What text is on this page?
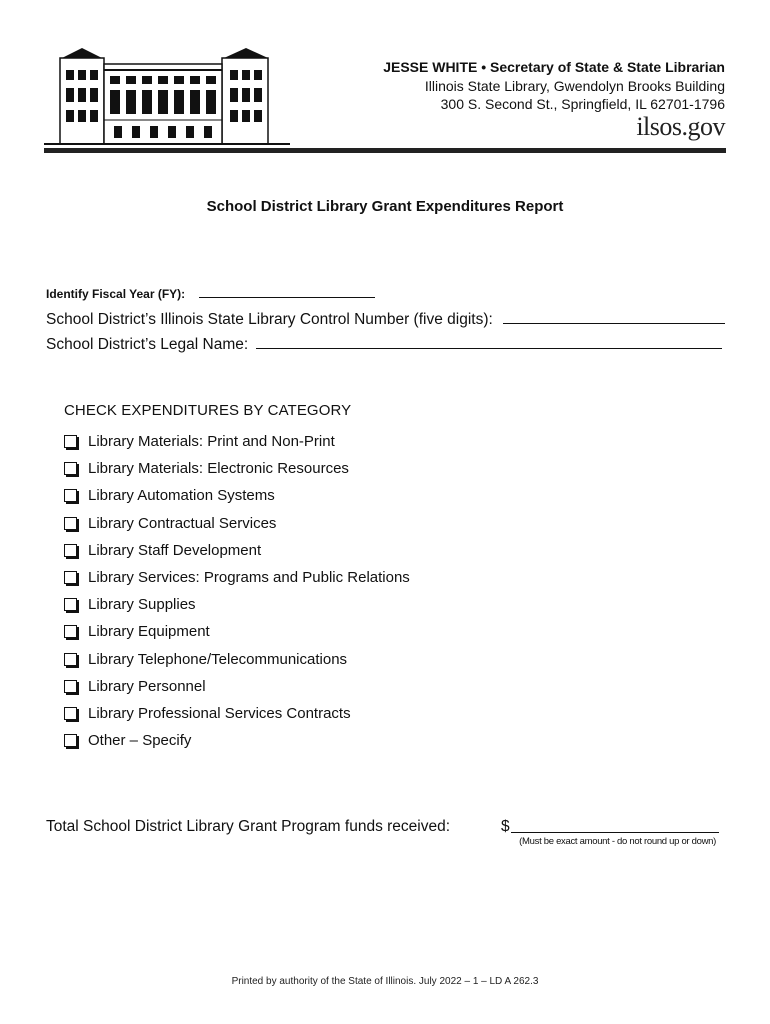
JESSE WHITE • Secretary of State & State Librarian
Illinois State Library, Gwendolyn Brooks Building
300 S. Second St., Springfield, IL 62701-1796
ilsos.gov
School District Library Grant Expenditures Report
Identify Fiscal Year (FY):
School District’s Illinois State Library Control Number (five digits):
School District’s Legal Name:
CHECK EXPENDITURES BY CATEGORY
Library Materials: Print and Non-Print
Library Materials: Electronic Resources
Library Automation Systems
Library Contractual Services
Library Staff Development
Library Services: Programs and Public Relations
Library Supplies
Library Equipment
Library Telephone/Telecommunications
Library Personnel
Library Professional Services Contracts
Other – Specify
Total School District Library Grant Program funds received:	$
(Must be exact amount - do not round up or down)
Printed by authority of the State of Illinois. July 2022 – 1 – LD A 262.3
